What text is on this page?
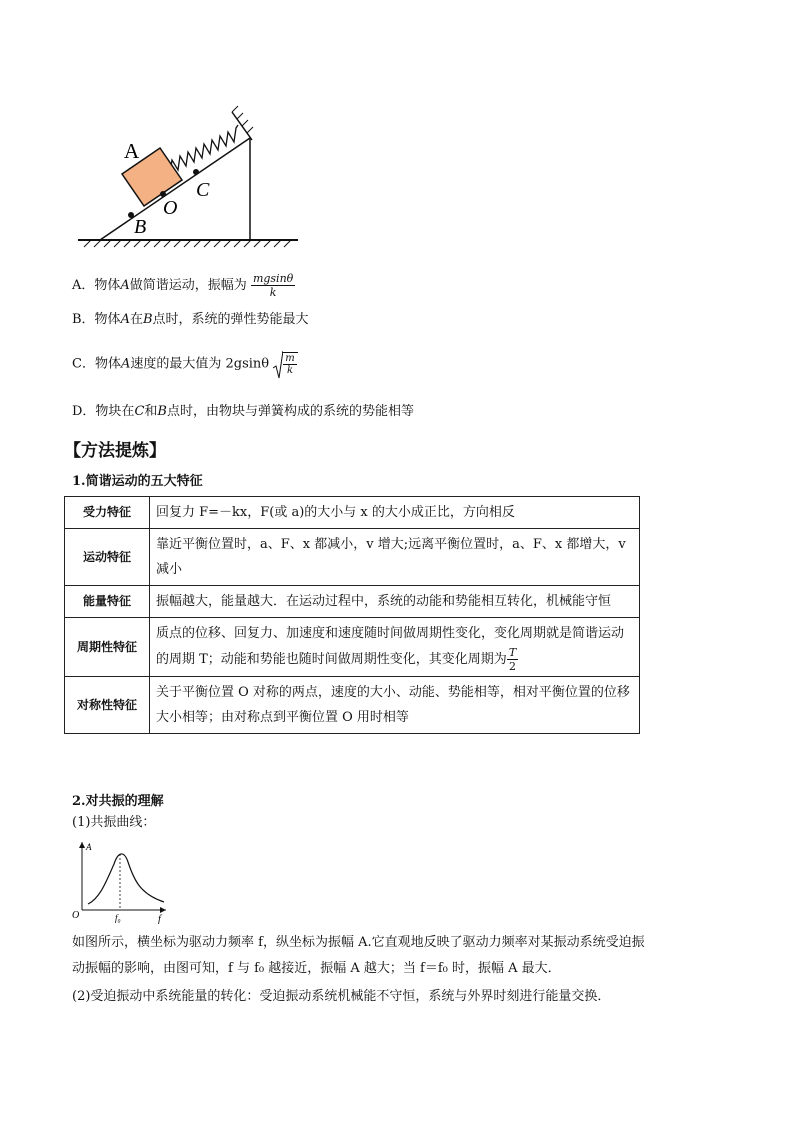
A
B
O
C
A．物体A做简谐运动，振幅为 $\frac{mgsin\theta}{k}$
B．物体A在B点时，系统的弹性势能最大
C．物体A速度的最大值为 $2gsin\theta \frac{m}{k}$
D．物块在C和B点时，由物块与弹簧构成的系统的势能相等
【方法提炼】
1.简谐运动的五大特征
受力特征	回复力 F=－kx，F(或 a)的大小与 x 的大小成正比，方向相反
运动特征	靠近平衡位置时，a、F、x 都减小，v 增大;远离平衡位置时，a、F、x 都增大，v 减小
能量特征	振幅越大，能量越大．在运动过程中，系统的动能和势能相互转化，机械能守恒
周期性特征	质点的位移、回复力、加速度和速度随时间做周期性变化，变化周期就是简谐运动的周期 T；动能和势能也随时间做周期性变化，其变化周期为 $\frac{T}{2}$

对称性特征	关于平衡位置 O 对称的两点，速度的大小、动能、势能相等，相对平衡位置的位移大小相等；由对称点到平衡位置 O 用时相等
2.对共振的理解
(1)共振曲线：
A
f
O	f₀
如图所示，横坐标为驱动力频率 f，纵坐标为振幅 A.它直观地反映了驱动力频率对某振动系统受迫振动振幅的影响，由图可知，f 与 f₀ 越接近，振幅 A 越大；当 f＝f₀ 时，振幅 A 最大．
(2)受迫振动中系统能量的转化：受迫振动系统机械能不守恒，系统与外界时刻进行能量交换．
